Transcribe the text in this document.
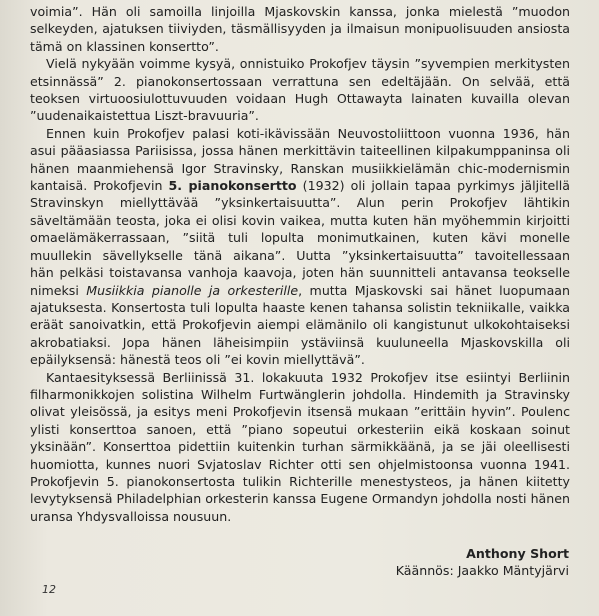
voimia”. Hän oli samoilla linjoilla Mjaskovskin kanssa, jonka mielestä ”muodon
selkeyden, ajatuksen tiiviyden, täsmällisyyden ja ilmaisun monipuolisuuden ansiosta
tämä on klassinen konsertto”.

Vielä nykyään voimme kysyä, onnistuiko Prokofjev täysin ”syvempien merkitysten
etsinnässä” 2. pianokonsertossaan verrattuna sen edeltäjään. On selvää, että
teoksen virtuoosiulottuvuuden voidaan Hugh Ottawayta lainaten kuvailla olevan
”uudenaikaistettua Liszt-bravuuria”.

Ennen kuin Prokofjev palasi koti-ikävissään Neuvostoliittoon vuonna 1936, hän
asui pääasiassa Pariisissa, jossa hänen merkittävin taiteellinen kilpakumppaninsa oli
hänen maanmiehensä Igor Stravinsky, Ranskan musiikkielämän chic-modernismin
kantaisä. Prokofjevin 5. pianokonsertto (1932) oli jollain tapaa pyrkimys jäljitellä
Stravinskyn miellyttävää ”yksinkertaisuutta”. Alun perin Prokofjev lähtikin
säveltämään teosta, joka ei olisi kovin vaikea, mutta kuten hän myöhemmin kirjoitti
omaelämäkerrassaan, ”siitä tuli lopulta monimutkainen, kuten kävi monelle
muullekin sävellykselle tänä aikana”. Uutta ”yksinkertaisuutta” tavoitellessaan
hän pelkäsi toistavansa vanhoja kaavoja, joten hän suunnitteli antavansa teokselle
nimeksi Musiikkia pianolle ja orkesterille, mutta Mjaskovski sai hänet luopumaan
ajatuksesta. Konsertosta tuli lopulta haaste kenen tahansa solistin tekniikalle, vaikka
eräät sanoivatkin, että Prokofjevin aiempi elämänilo oli kangistunut ulkokohtaiseksi
akrobatiaksi. Jopa hänen läheisimpiin ystäviinsä kuuluneella Mjaskovskilla oli
epäilyksensä: hänestä teos oli ”ei kovin miellyttävä”.

Kantaesityksessä Berliinissä 31. lokakuuta 1932 Prokofjev itse esiintyi Berliinin
filharmonikkojen solistina Wilhelm Furtwänglerin johdolla. Hindemith ja Stravinsky
olivat yleisössä, ja esitys meni Prokofjevin itsensä mukaan ”erittäin hyvin”. Poulenc
ylisti konserttoa sanoen, että ”piano sopeutui orkesteriin eikä koskaan soinut
yksinään”. Konserttoa pidettiin kuitenkin turhan särmikkäänä, ja se jäi oleellisesti
huomiotta, kunnes nuori Svjatoslav Richter otti sen ohjelmistoonsa vuonna 1941.
Prokofjevin 5. pianokonsertosta tulikin Richterille menestysteos, ja hänen kiitetty
levytyksensä Philadelphian orkesterin kanssa Eugene Ormandyn johdolla nosti hänen
uransa Yhdysvalloissa nousuun.

Anthony Short
Käännös: Jaakko Mäntyjärvi
12
